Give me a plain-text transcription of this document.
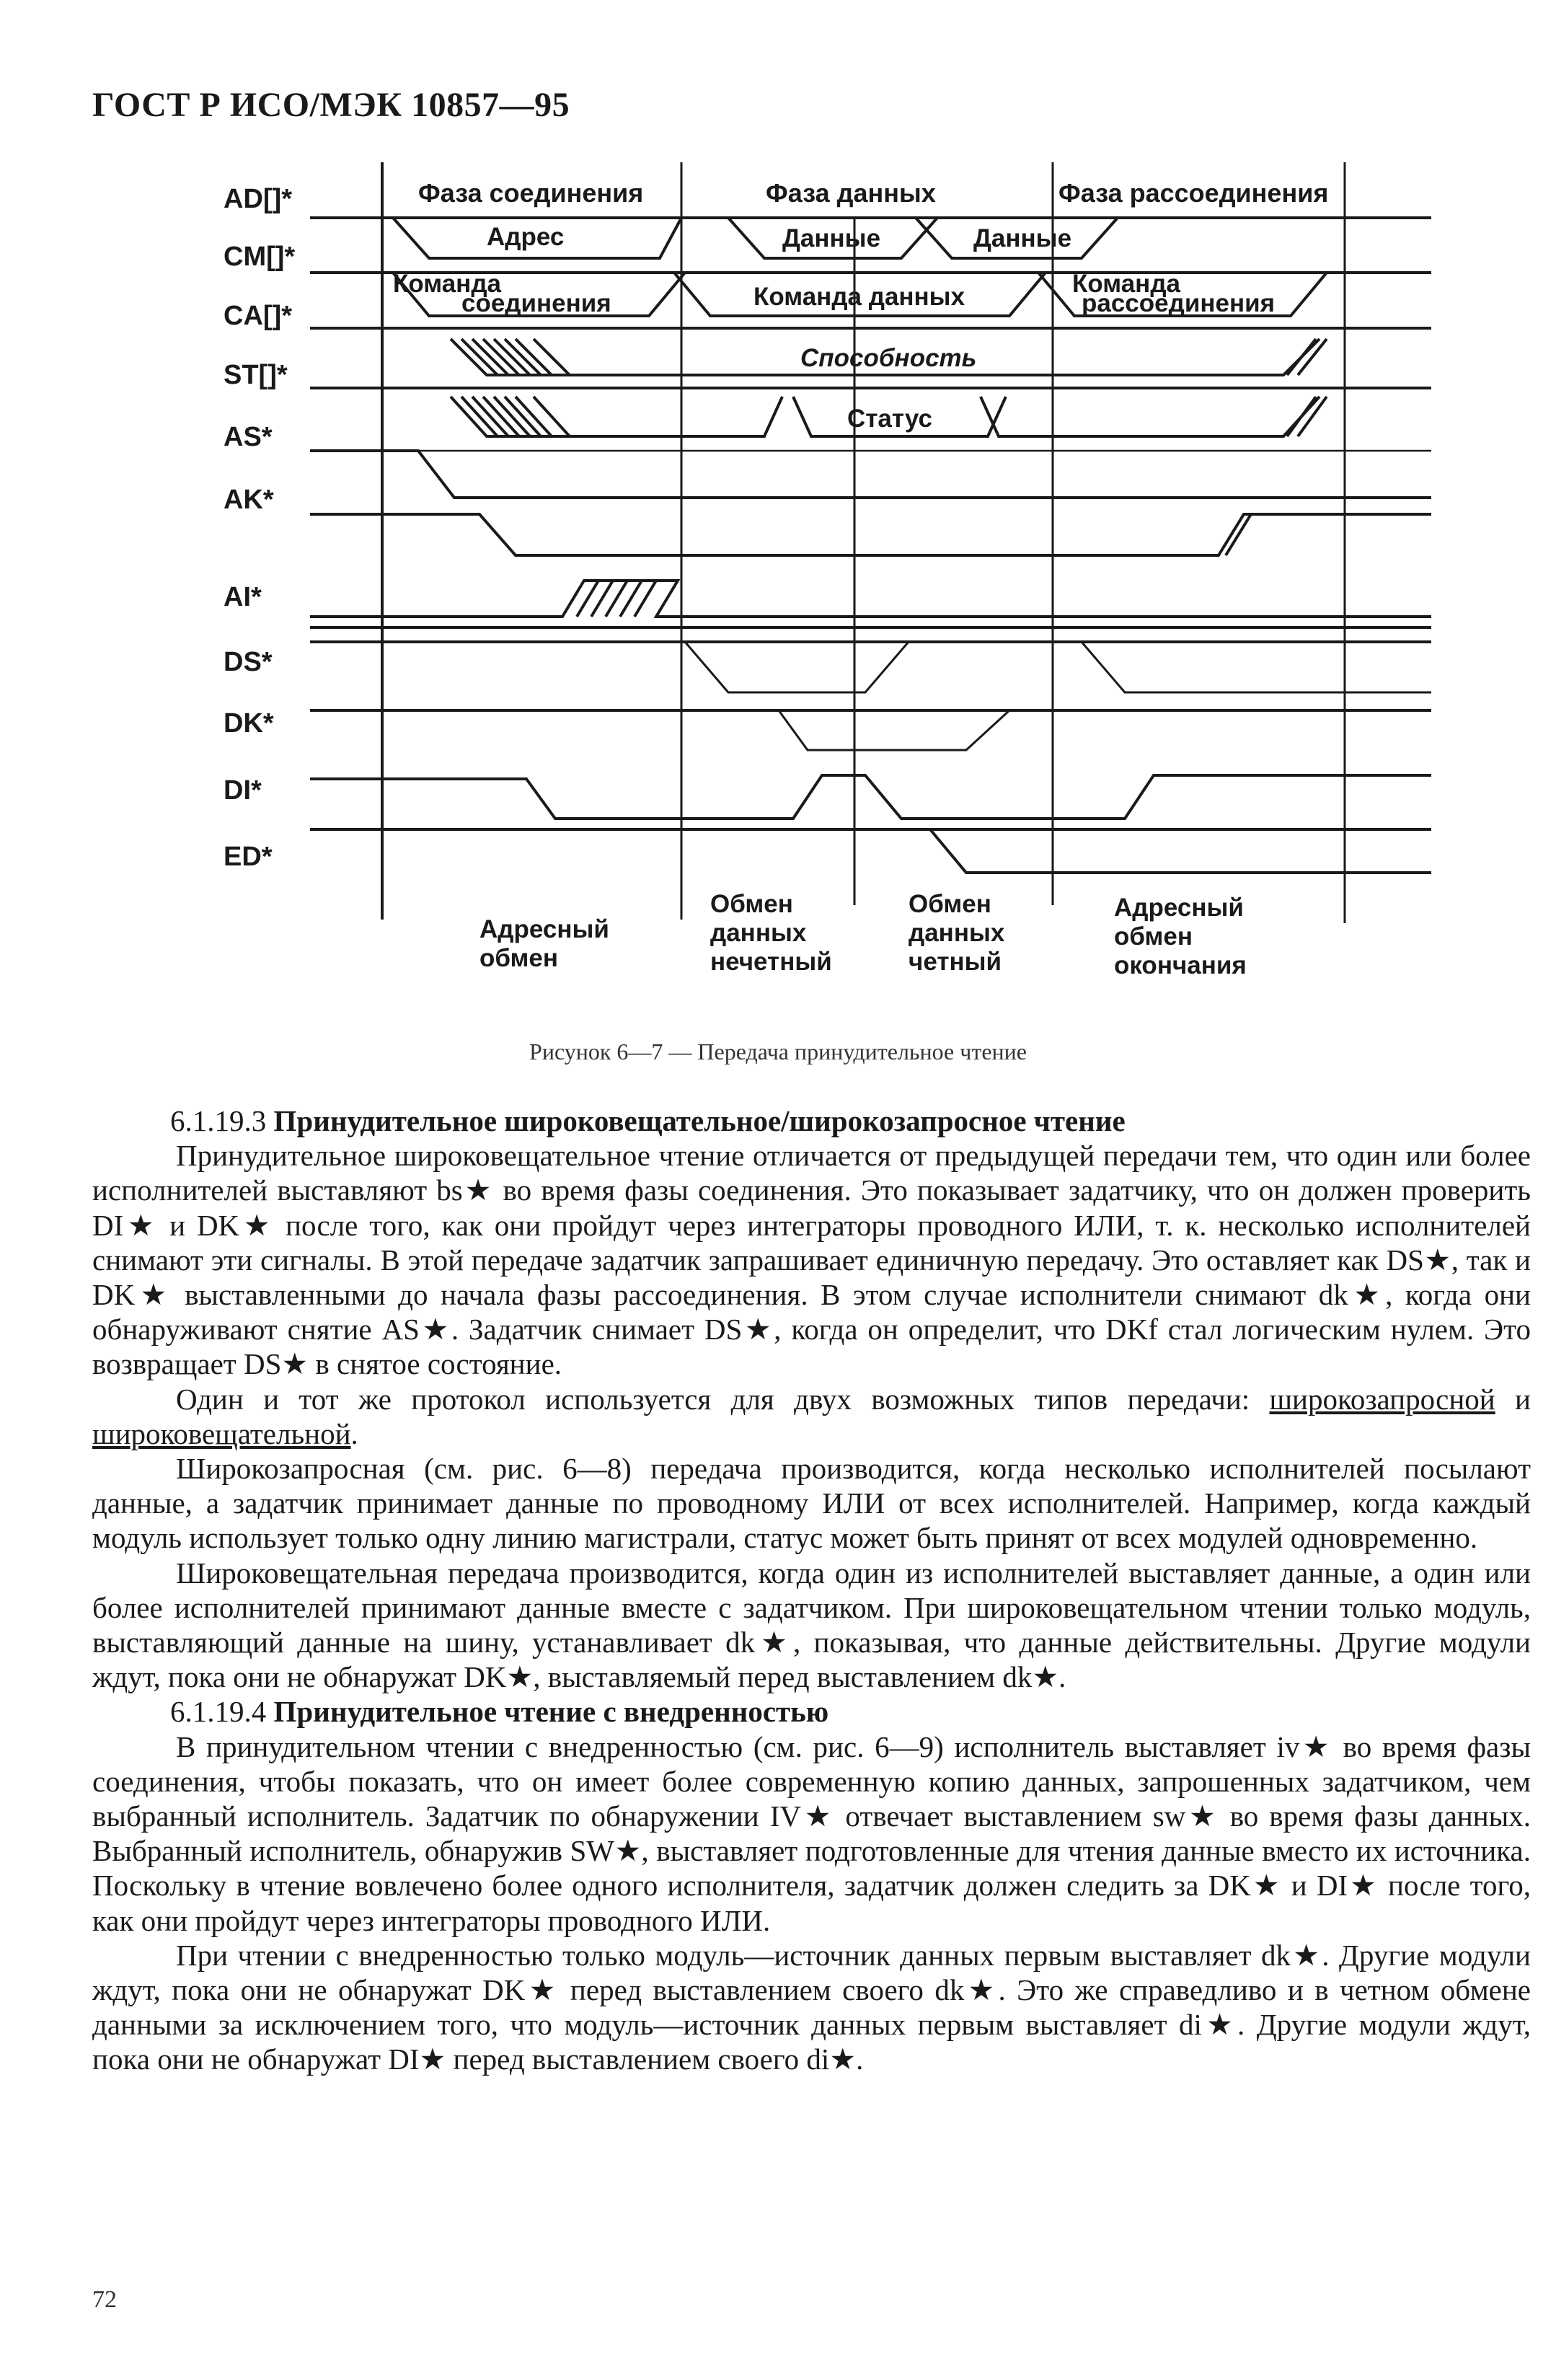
ГОСТ Р ИСО/МЭК 10857—95
AD[]*
CM[]*
CA[]*
ST[]*
AS*
AK*
AI*
DS*
DK*
DI*
ED*
Фаза соединения	Фаза данных	Фаза рассоединения
Адрес	Данные	Данные
Команда
соединения	Команда данных	Команда
рассоединения
Способность
Статус
Адресный
обмен
Обмен
данных
нечетный
Обмен
данных
четный
Адресный
обмен
окончания
Рисунок 6—7 — Передача принудительное чтение

6.1.19.3 Принудительное широковещательное/широкозапросное чтение

Принудительное широковещательное чтение отличается от предыдущей передачи тем, что один или более исполнителей выставляют bs★ во время фазы соединения. Это показывает задатчику, что он должен проверить DI★ и DK★ после того, как они пройдут через интеграторы проводного ИЛИ, т. к. несколько исполнителей снимают эти сигналы. В этой передаче задатчик запрашивает единичную передачу. Это оставляет как DS★, так и DK★ выставленными до начала фазы рассоединения. В этом случае исполнители снимают dk★, когда они обнаруживают снятие AS★. Задатчик снимает DS★, когда он определит, что DKf стал логическим нулем. Это возвращает DS★ в снятое состояние.

Один и тот же протокол используется для двух возможных типов передачи: широкозапросной и широковещательной.

Широкозапросная (см. рис. 6—8) передача производится, когда несколько исполнителей посылают данные, а задатчик принимает данные по проводному ИЛИ от всех исполнителей. Например, когда каждый модуль использует только одну линию магистрали, статус может быть принят от всех модулей одновременно.

Широковещательная передача производится, когда один из исполнителей выставляет данные, а один или более исполнителей принимают данные вместе с задатчиком. При широковещательном чтении только модуль, выставляющий данные на шину, устанавливает dk★, показывая, что данные действительны. Другие модули ждут, пока они не обнаружат DK★, выставляемый перед выставлением dk★.

6.1.19.4 Принудительное чтение с внедренностью

В принудительном чтении с внедренностью (см. рис. 6—9) исполнитель выставляет iv★ во время фазы соединения, чтобы показать, что он имеет более современную копию данных, запрошенных задатчиком, чем выбранный исполнитель. Задатчик по обнаружении IV★ отвечает выставлением sw★ во время фазы данных. Выбранный исполнитель, обнаружив SW★, выставляет подготовленные для чтения данные вместо их источника. Поскольку в чтение вовлечено более одного исполнителя, задатчик должен следить за DK★ и DI★ после того, как они пройдут через интеграторы проводного ИЛИ.

При чтении с внедренностью только модуль—источник данных первым выставляет dk★. Другие модули ждут, пока они не обнаружат DK★ перед выставлением своего dk★. Это же справедливо и в четном обмене данными за исключением того, что модуль—источник данных первым выставляет di★. Другие модули ждут, пока они не обнаружат DI★ перед выставлением своего di★.

72
